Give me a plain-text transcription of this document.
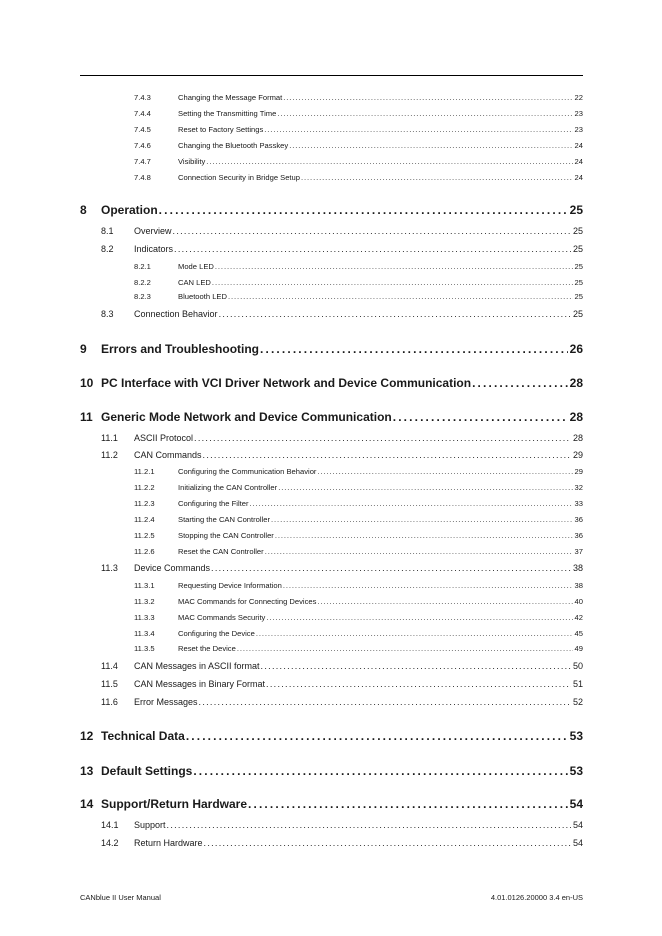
7.4.3	Changing the Message Format . . .	22
7.4.4	Setting the Transmitting Time . . .	23
7.4.5	Reset to Factory Settings . . .	23
7.4.6	Changing the Bluetooth Passkey . . .	24
7.4.7	Visibility . . .	24
7.4.8	Connection Security in Bridge Setup . . .	24
8	Operation . . .	25
8.1	Overview . . .	25
8.2	Indicators . . .	25
8.2.1	Mode LED . . .	25
8.2.2	CAN LED . . .	25
8.2.3	Bluetooth LED . . .	25
8.3	Connection Behavior . . .	25
9	Errors and Troubleshooting . . .	26
10 PC Interface with VCI Driver Network and Device Communication . . .	28
11 Generic Mode Network and Device Communication . . .	28
11.1	ASCII Protocol . . .	28
11.2	CAN Commands . . .	29
11.2.1	Configuring the Communication Behavior . . .	29
11.2.2	Initializing the CAN Controller . . .	32
11.2.3	Configuring the Filter . . .	33
11.2.4	Starting the CAN Controller . . .	36
11.2.5	Stopping the CAN Controller . . .	36
11.2.6	Reset the CAN Controller . . .	37
11.3	Device Commands . . .	38
11.3.1	Requesting Device Information . . .	38
11.3.2	MAC Commands for Connecting Devices . . .	40
11.3.3	MAC Commands Security . . .	42
11.3.4	Configuring the Device . . .	45
11.3.5	Reset the Device . . .	49
11.4	CAN Messages in ASCII format . . .	50
11.5	CAN Messages in Binary Format . . .	51
11.6	Error Messages . . .	52
12 Technical Data . . .	53
13 Default Settings . . .	53
14 Support/Return Hardware . . .	54
14.1	Support . . .	54
14.2	Return Hardware . . .	54
CANblue II User Manual	4.01.0126.20000 3.4 en-US
